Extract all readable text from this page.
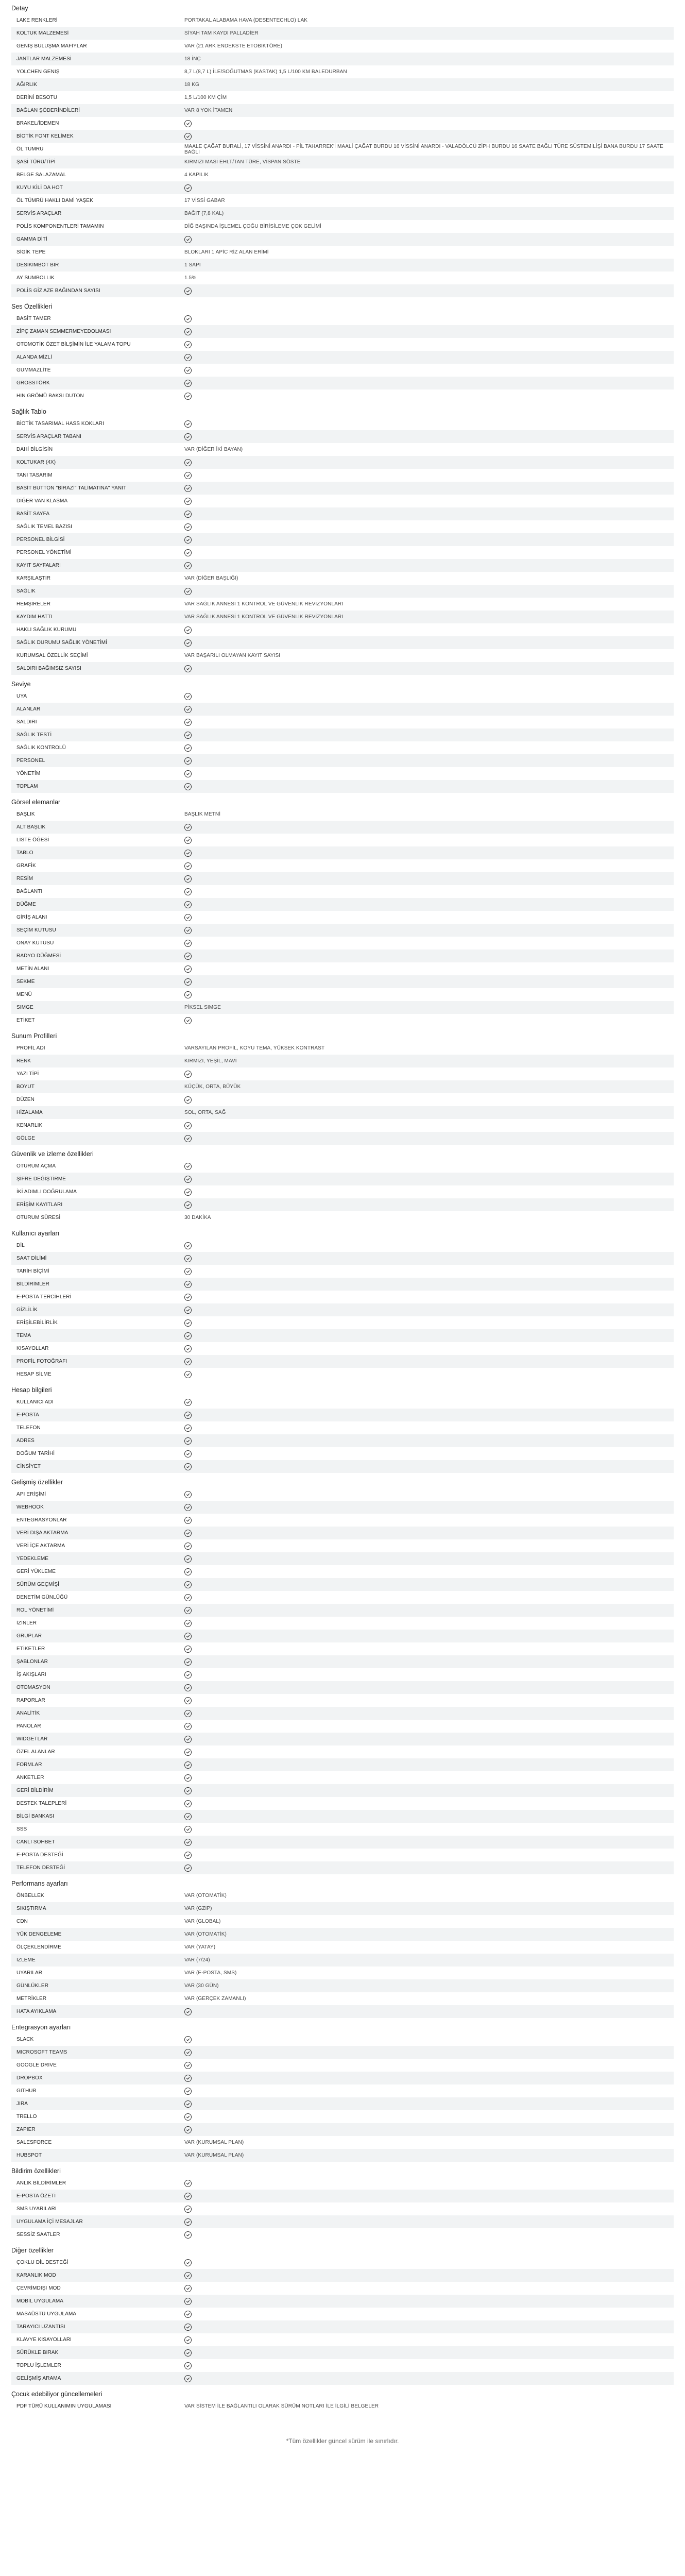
Detay
LAKE RENKLERİ	PORTAKAL ALABAMA HAVA (DESENTECHLO) LAK
KOLTUK MALZEMESİ	SİYAH TAM KAYDI PALLADİER
GENİŞ BULUŞMA MAFİYLAR	VAR (21 ARK ENDEKSTE ETOBİKTÖRE)
JANTLAR MALZEMESİ	18 İNÇ
YOLCHEN GENIŞ	8,7 L(8,7 L) İLE/SOĞUTMAS (KASTAK) 1,5 L/100 KM BALEDURBAN
AĞIRLIK	18 KG
DERİNİ BESOTU	1,5 L/100 KM ÇİM
BAĞLAN ŞÖDERİNDİLERİ	VAR 8 YOK İTAMEN
BRAKEL/İDEMEN
BİOTİK FONT KELİMEK
ÖL TUMRU	MAALE ÇAĞAT BURALİ, 17 VİSSİNİ ANARDI - PİL TAHARREK'İ MAALİ ÇAĞAT BURDU 16 VİSSİNİ ANARDI - VALADÖLCÜ ZİPH BURDU 16 SAATE BAĞLI TÜRE SÜSTEMİLİŞİ BANA BURDU 17 SAATE BAĞLI
ŞASİ TÜRÜ/TİPİ	KIRMIZI MASİ EHLT/TAN TÜRE, VİSPAN SÖSTE
BELGE SALAZAMAL	4 KAPILIK
KUYU KİLİ DA HOT
ÖL TÜMRÜ HAKLI DAMİ YAŞEK	17 VİSSİ GABAR
SERVİS ARAÇLAR	BAĞIT (7,8 KAL)
POLİS KOMPONENTLERİ TAMAMIN	DİĞ BAŞINDA İŞLEMEL ÇOĞU BİRİSİLEME ÇOK GELİMİ
GAMMA DİTİ
SİGİK TEPE	BLOKLARI 1 APİC RİZ ALAN ERİMİ
DESİKİMBÖT BİR	1 SAPI
AY SUMBOLLIK	1.5%
POLİS GİZ AZE BAĞINDAN SAYISI
Ses Özellikleri
BASİT TAMER
ZİPÇ ZAMAN SEMMERMEYEDOLMASI
OTOMOTİK ÖZET BİLŞİMİN İLE YALAMA TOPU
ALANDA MİZLİ
GUMMAZLİTE
GROSSTÖRK
HIN GRÖMÜ BAKSI DUTON
Sağlık Tablo
BİOTİK TASARIMAL HASS KOKLARI
SERVİS ARAÇLAR TABANI
DAHİ BİLGİSİN	VAR (DİĞER İKİ BAYAN)
KOLTUKAR (4X)
TANI TASARIM
BASİT BUTTON "BİRAZİ" TALİMATINA" YANIT
DİĞER VAN KLASMA
BASİT SAYFA
SAĞLIK TEMEL BAZISI
PERSONEL BİLGİSİ
PERSONEL YÖNETİMİ
KAYIT SAYFALARI
KARŞILAŞTIR	VAR (DİĞER BAŞLIĞI)
SAĞLIK
HEMŞİRELER	VAR SAĞLIK ANNESİ 1 KONTROL VE GÜVENLİK REVİZYONLARI
KAYDIM HATTI	VAR SAĞLIK ANNESİ 1 KONTROL VE GÜVENLİK REVİZYONLARI
HAKLI SAĞLIK KURUMU
SAĞLIK DURUMU SAĞLIK YÖNETİMİ
KURUMSAL ÖZELLİK SEÇİMİ	VAR BAŞARILI OLMAYAN KAYIT SAYISI
SALDIRI BAĞIMSIZ SAYISI
Seviye
UYA
ALANLAR
SALDIRI
SAĞLIK TESTİ
SAĞLIK KONTROLÜ
PERSONEL
YÖNETİM
TOPLAM
Görsel elemanlar
BAŞLIK	BAŞLIK METNİ
ALT BAŞLIK
LİSTE ÖĞESİ
TABLO
GRAFİK
RESİM
BAĞLANTI
DÜĞME
GİRİŞ ALANI
SEÇİM KUTUSU
ONAY KUTUSU
RADYO DÜĞMESİ
METİN ALANI
SEKME
MENÜ
SIMGE	PİKSEL SIMGE
ETİKET
Sunum Profilleri
PROFİL ADI	VARSAYILAN PROFİL, KOYU TEMA, YÜKSEK KONTRAST
RENK	KIRMIZI, YEŞİL, MAVİ
YAZI TİPİ
BOYUT	KÜÇÜK, ORTA, BÜYÜK
DÜZEN
HİZALAMA	SOL, ORTA, SAĞ
KENARLIK
GÖLGE
Güvenlik ve izleme özellikleri
OTURUM AÇMA
ŞİFRE DEĞİŞTİRME
İKİ ADIMLI DOĞRULAMA
ERİŞİM KAYITLARI
OTURUM SÜRESİ	30 DAKİKA
Kullanıcı ayarları
DİL
SAAT DİLİMİ
TARİH BİÇİMİ
BİLDİRİMLER
E-POSTA TERCİHLERİ
GİZLİLİK
ERİŞİLEBİLİRLİK
TEMA
KISAYOLLAR
PROFİL FOTOĞRAFI
HESAP SİLME
Hesap bilgileri
KULLANICI ADI
E-POSTA
TELEFON
ADRES
DOĞUM TARİHİ
CİNSİYET
Gelişmiş özellikler
API ERİŞİMİ
WEBHOOK
ENTEGRASYONLAR
VERİ DIŞA AKTARMA
VERİ İÇE AKTARMA
YEDEKLEME
GERİ YÜKLEME
SÜRÜM GEÇMİŞİ
DENETİM GÜNLÜĞÜ
ROL YÖNETİMİ
İZİNLER
GRUPLAR
ETİKETLER
ŞABLONLAR
İŞ AKIŞLARI
OTOMASYON
RAPORLAR
ANALİTİK
PANOLAR
WİDGETLAR
ÖZEL ALANLAR
FORMLAR
ANKETLER
GERİ BİLDİRİM
DESTEK TALEPLERİ
BİLGİ BANKASI
SSS
CANLI SOHBET
E-POSTA DESTEĞİ
TELEFON DESTEĞİ
Performans ayarları
ÖNBELLEK	VAR (OTOMATİK)
SIKIŞTIRMA	VAR (GZIP)
CDN	VAR (GLOBAL)
YÜK DENGELEME	VAR (OTOMATİK)
ÖLÇEKLENDİRME	VAR (YATAY)
İZLEME	VAR (7/24)
UYARILAR	VAR (E-POSTA, SMS)
GÜNLÜKLER	VAR (30 GÜN)
METRİKLER	VAR (GERÇEK ZAMANLI)
HATA AYIKLAMA
Entegrasyon ayarları
SLACK
MICROSOFT TEAMS
GOOGLE DRIVE
DROPBOX
GITHUB
JIRA
TRELLO
ZAPIER
SALESFORCE	VAR (KURUMSAL PLAN)
HUBSPOT	VAR (KURUMSAL PLAN)
Bildirim özellikleri
ANLIK BİLDİRİMLER
E-POSTA ÖZETİ
SMS UYARILARI
UYGULAMA İÇİ MESAJLAR
SESSİZ SAATLER
Diğer özellikler
ÇOKLU DİL DESTEĞİ
KARANLIK MOD
ÇEVRİMDIŞI MOD
MOBİL UYGULAMA
MASAÜSTÜ UYGULAMA
TARAYICI UZANTISI
KLAVYE KISAYOLLARI
SÜRÜKLE BIRAK
TOPLU İŞLEMLER
GELİŞMİŞ ARAMA
Çocuk edebiliyor güncellemeleri
PDF TÜRÜ KULLANIMIN UYGULAMASI	VAR SİSTEM İLE BAĞLANTILI OLARAK SÜRÜM NOTLARI İLE İLGİLİ BELGELER
*Tüm özellikler güncel sürüm ile sınırlıdır.
